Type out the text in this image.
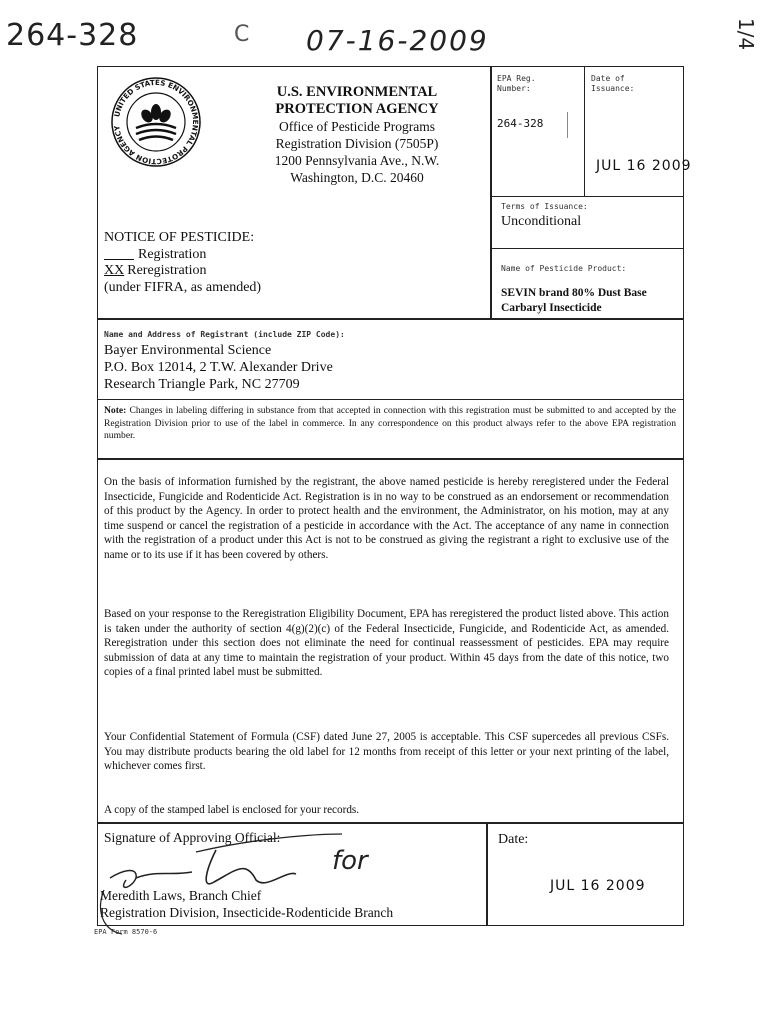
264-328	C 07-16-2009	1/4
UNITED STATES ENVIRONMENTAL PROTECTION AGENCY
U.S. ENVIRONMENTAL
PROTECTION AGENCY
Office of Pesticide Programs
Registration Division (7505P)
1200 Pennsylvania Ave., N.W.
Washington, D.C. 20460
NOTICE OF PESTICIDE:
Registration
XX Reregistration
(under FIFRA, as amended)
EPA Reg. Number:
264-328
Date of Issuance:
JUL 16 2009
Terms of Issuance:
Unconditional
Name of Pesticide Product:
SEVIN brand 80% Dust Base
Carbaryl Insecticide
Name and Address of Registrant (include ZIP Code):
Bayer Environmental Science
P.O. Box 12014, 2 T.W. Alexander Drive
Research Triangle Park, NC 27709
Note: Changes in labeling differing in substance from that accepted in connection with this registration must be submitted to and accepted by the Registration Division prior to use of the label in commerce. In any correspondence on this product always refer to the above EPA registration number.
On the basis of information furnished by the registrant, the above named pesticide is hereby reregistered under the Federal Insecticide, Fungicide and Rodenticide Act. Registration is in no way to be construed as an endorsement or recommendation of this product by the Agency. In order to protect health and the environment, the Administrator, on his motion, may at any time suspend or cancel the registration of a pesticide in accordance with the Act. The acceptance of any name in connection with the registration of a product under this Act is not to be construed as giving the registrant a right to exclusive use of the name or to its use if it has been covered by others.
Based on your response to the Reregistration Eligibility Document, EPA has reregistered the product listed above. This action is taken under the authority of section 4(g)(2)(c) of the Federal Insecticide, Fungicide, and Rodenticide Act, as amended. Reregistration under this section does not eliminate the need for continual reassessment of pesticides. EPA may require submission of data at any time to maintain the registration of your product. Within 45 days from the date of this notice, two copies of a final printed label must be submitted.
Your Confidential Statement of Formula (CSF) dated June 27, 2005 is acceptable. This CSF supercedes all previous CSFs. You may distribute products bearing the old label for 12 months from receipt of this letter or your next printing of the label, whichever comes first.
A copy of the stamped label is enclosed for your records.
Signature of Approving Official:
for
Meredith Laws, Branch Chief
Registration Division, Insecticide-Rodenticide Branch
Date:
JUL 16 2009
EPA Form 8570-6
